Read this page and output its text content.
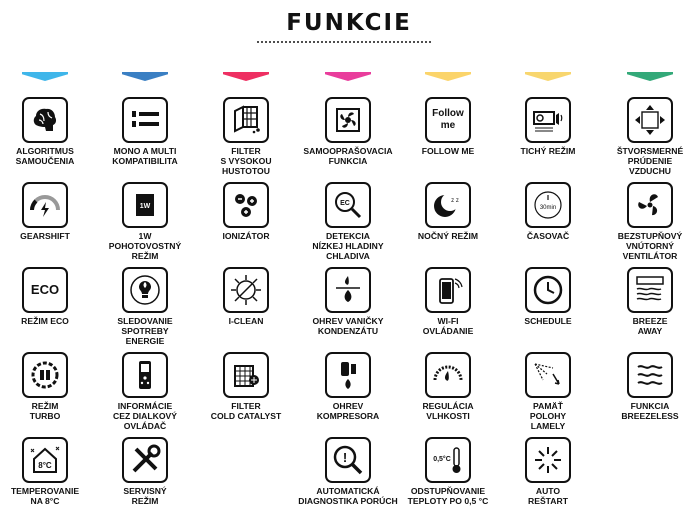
FUNKCIE
ALGORITMUS
SAMOUČENIA
MONO A MULTI
KOMPATIBILITA
FILTER
S VYSOKOU
HUSTOTOU
SAMOOPRAŠOVACIA
FUNKCIA
Follow
me
FOLLOW ME	TICHÝ REŽIM	ŠTVORSMERNÉ
PRÚDENIE
VZDUCHU
GEARSHIFT
1W
1W
POHOTOVOSTNÝ
REŽIM
IONIZÁTOR
EC
DETEKCIA
NÍZKEJ HLADINY
CHLADIVA
z z
NOČNÝ REŽIM
30min
ČASOVAČ	BEZSTUPŇOVÝ
VNÚTORNÝ
VENTILÁTOR
ECO
REŽIM ECO	SLEDOVANIE
SPOTREBY
ENERGIE
I-CLEAN	OHREV VANIČKY
KONDENZÁTU
WI-FI
OVLÁDANIE
SCHEDULE	BREEZE
AWAY
REŽIM
TURBO
INFORMÁCIE
CEZ DIALKOVÝ
OVLÁDAČ
FILTER
COLD CATALYST
OHREV
KOMPRESORA
REGULÁCIA
VLHKOSTI
PAMÄŤ
POLOHY
LAMELY
FUNKCIA
BREEZELESS
8°C
TEMPEROVANIE
NA 8°C
SERVISNÝ
REŽIM
!
AUTOMATICKÁ
DIAGNOSTIKA PORÚCH
0,5°C
ODSTUPŇOVANIE
TEPLOTY PO 0,5 °C
AUTO
REŠTART
